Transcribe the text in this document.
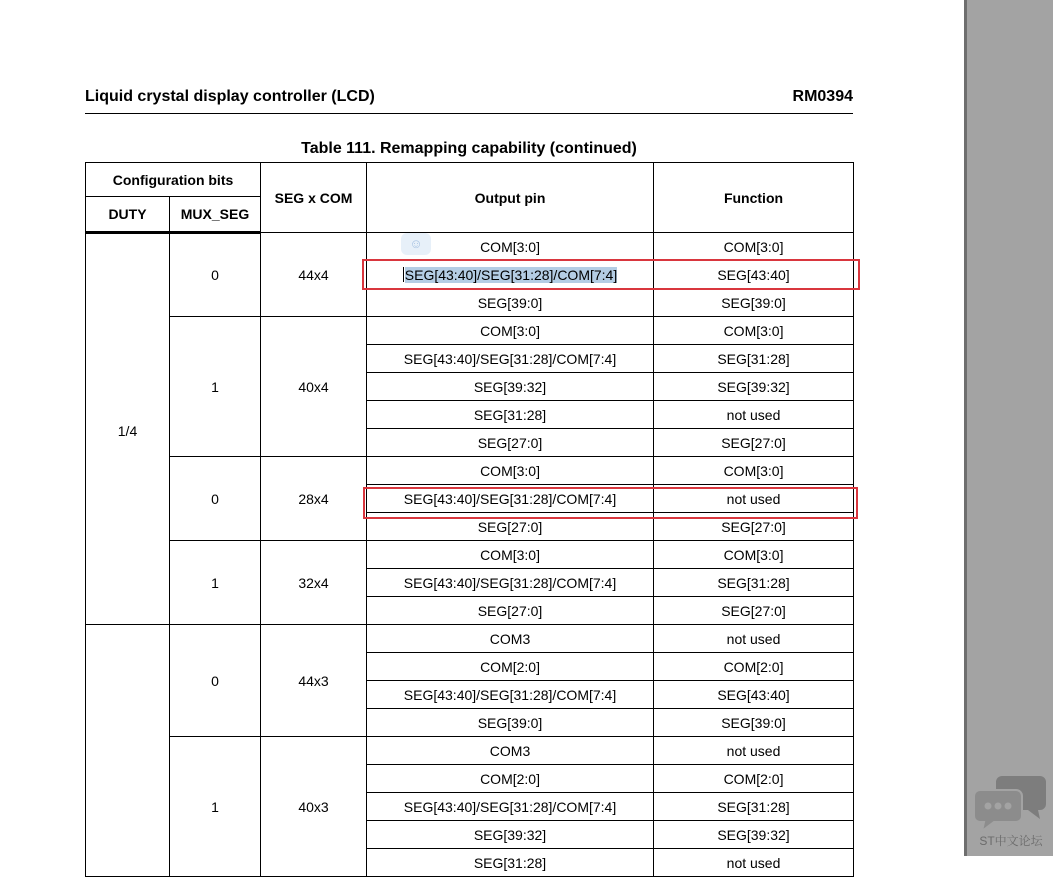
Liquid crystal display controller (LCD)	RM0394
Table 111. Remapping capability (continued)
Configuration bits		SEG x COM	Output pin	Function
DUTY	MUX_SEG			
1/4	0	44x4	COM[3:0]	COM[3:0]
			SEG[43:40]/SEG[31:28]/COM[7:4]	SEG[43:40]
			SEG[39:0]	SEG[39:0]
	1	40x4	COM[3:0]	COM[3:0]
			SEG[43:40]/SEG[31:28]/COM[7:4]	SEG[31:28]
			SEG[39:32]	SEG[39:32]
			SEG[31:28]	not used
			SEG[27:0]	SEG[27:0]
	0	28x4	COM[3:0]	COM[3:0]
			SEG[43:40]/SEG[31:28]/COM[7:4]	not used
			SEG[27:0]	SEG[27:0]
	1	32x4	COM[3:0]	COM[3:0]
			SEG[43:40]/SEG[31:28]/COM[7:4]	SEG[31:28]
			SEG[27:0]	SEG[27:0]
	0	44x3	COM3	not used
			COM[2:0]	COM[2:0]
			SEG[43:40]/SEG[31:28]/COM[7:4]	SEG[43:40]
			SEG[39:0]	SEG[39:0]
	1	40x3	COM3	not used
			COM[2:0]	COM[2:0]
			SEG[43:40]/SEG[31:28]/COM[7:4]	SEG[31:28]
			SEG[39:32]	SEG[39:32]
			SEG[31:28]	not used
☺
ST中文论坛
